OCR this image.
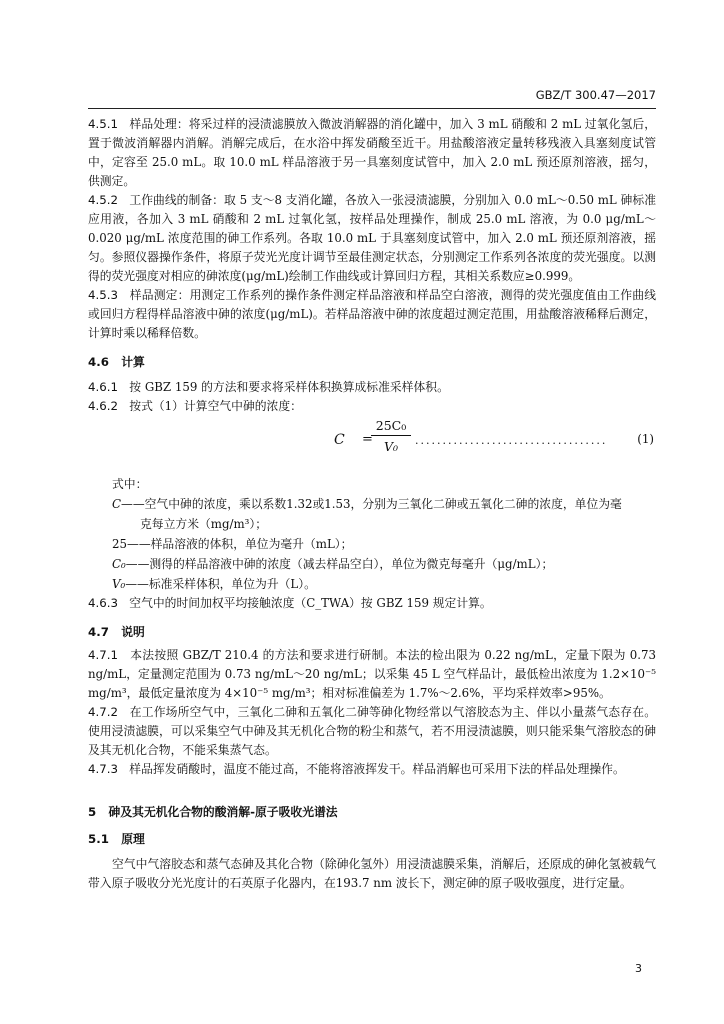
GBZ/T 300.47—2017

4.5.1 样品处理：将采过样的浸渍滤膜放入微波消解器的消化罐中，加入 3 mL 硝酸和 2 mL 过氧化氢后，置于微波消解器内消解。消解完成后，在水浴中挥发硝酸至近干。用盐酸溶液定量转移残液入具塞刻度试管中，定容至 25.0 mL。取 10.0 mL 样品溶液于另一具塞刻度试管中，加入 2.0 mL 预还原剂溶液，摇匀，供测定。

4.5.2 工作曲线的制备：取 5 支～8 支消化罐，各放入一张浸渍滤膜，分别加入 0.0 mL～0.50 mL 砷标准应用液，各加入 3 mL 硝酸和 2 mL 过氧化氢，按样品处理操作，制成 25.0 mL 溶液，为 0.0 μg/mL～0.020 μg/mL 浓度范围的砷工作系列。各取 10.0 mL 于具塞刻度试管中，加入 2.0 mL 预还原剂溶液，摇匀。参照仪器操作条件，将原子荧光光度计调节至最佳测定状态，分别测定工作系列各浓度的荧光强度。以测得的荧光强度对相应的砷浓度(μg/mL)绘制工作曲线或计算回归方程，其相关系数应≥0.999。

4.5.3 样品测定：用测定工作系列的操作条件测定样品溶液和样品空白溶液，测得的荧光强度值由工作曲线或回归方程得样品溶液中砷的浓度(μg/mL)。若样品溶液中砷的浓度超过测定范围，用盐酸溶液稀释后测定，计算时乘以稀释倍数。

4.6 计算

4.6.1 按 GBZ 159 的方法和要求将采样体积换算成标准采样体积。

4.6.2 按式（1）计算空气中砷的浓度：

C =
$\frac{\text{25C₀}}{\text{V₀}}$ ...................................	(1)

式中：

C——空气中砷的浓度，乘以系数1.32或1.53，分别为三氧化二砷或五氧化二砷的浓度，单位为毫

克每立方米（mg/m³）；

25——样品溶液的体积，单位为毫升（mL）；

C₀——测得的样品溶液中砷的浓度（减去样品空白），单位为微克每毫升（μg/mL）；

V₀——标准采样体积，单位为升（L）。

4.6.3 空气中的时间加权平均接触浓度（C_TWA）按 GBZ 159 规定计算。

4.7 说明

4.7.1 本法按照 GBZ/T 210.4 的方法和要求进行研制。本法的检出限为 0.22 ng/mL，定量下限为 0.73 ng/mL，定量测定范围为 0.73 ng/mL～20 ng/mL；以采集 45 L 空气样品计，最低检出浓度为 1.2×10⁻⁵ mg/m³，最低定量浓度为 4×10⁻⁵ mg/m³；相对标准偏差为 1.7%～2.6%，平均采样效率>95%。

4.7.2 在工作场所空气中，三氧化二砷和五氧化二砷等砷化物经常以气溶胶态为主、伴以小量蒸气态存在。使用浸渍滤膜，可以采集空气中砷及其无机化合物的粉尘和蒸气，若不用浸渍滤膜，则只能采集气溶胶态的砷及其无机化合物，不能采集蒸气态。

4.7.3 样品挥发硝酸时，温度不能过高，不能将溶液挥发干。样品消解也可采用下法的样品处理操作。

5 砷及其无机化合物的酸消解-原子吸收光谱法

5.1 原理

空气中气溶胶态和蒸气态砷及其化合物（除砷化氢外）用浸渍滤膜采集，消解后，还原成的砷化氢被载气带入原子吸收分光光度计的石英原子化器内，在193.7 nm 波长下，测定砷的原子吸收强度，进行定量。

3
